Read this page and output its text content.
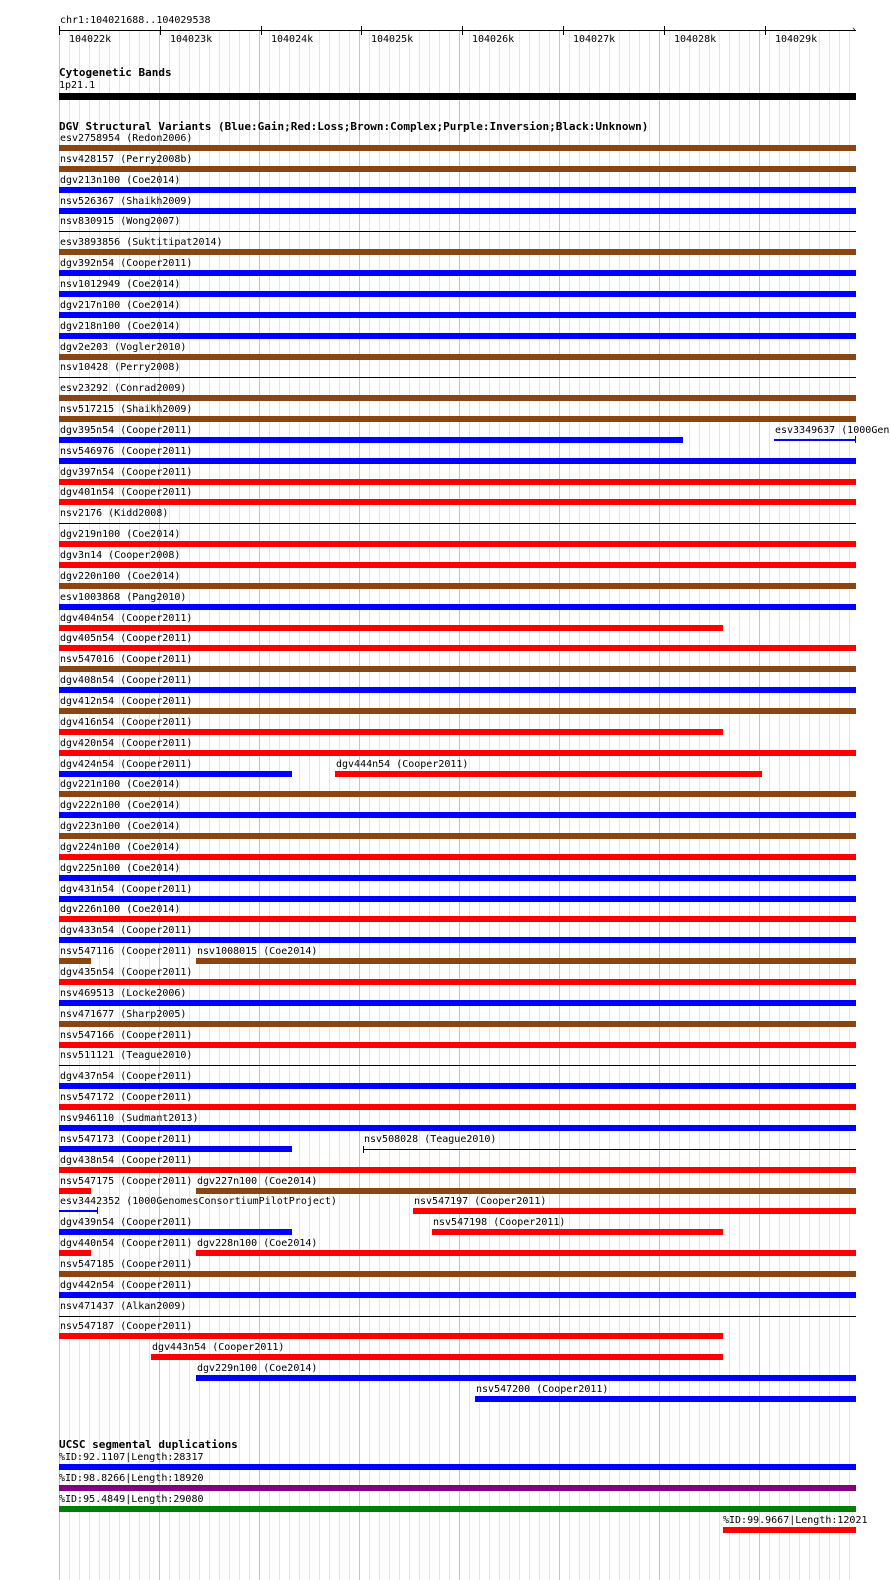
chr1:104021688..104029538
›
104022k	104023k	104024k	104025k	104026k	104027k	104028k	104029k
Cytogenetic Bands
1p21.1
DGV Structural Variants (Blue:Gain;Red:Loss;Brown:Complex;Purple:Inversion;Black:Unknown)
esv2758954 (Redon2006)
nsv428157 (Perry2008b)
dgv213n100 (Coe2014)
nsv526367 (Shaikh2009)
nsv830915 (Wong2007)
esv3893856 (Suktitipat2014)
dgv392n54 (Cooper2011)
nsv1012949 (Coe2014)
dgv217n100 (Coe2014)
dgv218n100 (Coe2014)
dgv2e203 (Vogler2010)
nsv10428 (Perry2008)
esv23292 (Conrad2009)
nsv517215 (Shaikh2009)
dgv395n54 (Cooper2011)	esv3349637 (1000Gen
nsv546976 (Cooper2011)
dgv397n54 (Cooper2011)
dgv401n54 (Cooper2011)
nsv2176 (Kidd2008)
dgv219n100 (Coe2014)
dgv3n14 (Cooper2008)
dgv220n100 (Coe2014)
esv1003868 (Pang2010)
dgv404n54 (Cooper2011)
dgv405n54 (Cooper2011)
nsv547016 (Cooper2011)
dgv408n54 (Cooper2011)
dgv412n54 (Cooper2011)
dgv416n54 (Cooper2011)
dgv420n54 (Cooper2011)
dgv424n54 (Cooper2011)	dgv444n54 (Cooper2011)
dgv221n100 (Coe2014)
dgv222n100 (Coe2014)
dgv223n100 (Coe2014)
dgv224n100 (Coe2014)
dgv225n100 (Coe2014)
dgv431n54 (Cooper2011)
dgv226n100 (Coe2014)
dgv433n54 (Cooper2011)
nsv547116 (Cooper2011) nsv1008015 (Coe2014)
dgv435n54 (Cooper2011)
nsv469513 (Locke2006)
nsv471677 (Sharp2005)
nsv547166 (Cooper2011)
nsv511121 (Teague2010)
dgv437n54 (Cooper2011)
nsv547172 (Cooper2011)
nsv946110 (Sudmant2013)
nsv547173 (Cooper2011)	nsv508028 (Teague2010)
dgv438n54 (Cooper2011)
nsv547175 (Cooper2011) dgv227n100 (Coe2014)
esv3442352 (1000GenomesConsortiumPilotProject)	nsv547197 (Cooper2011)
dgv439n54 (Cooper2011)	nsv547198 (Cooper2011)
dgv440n54 (Cooper2011) dgv228n100 (Coe2014)
nsv547185 (Cooper2011)
dgv442n54 (Cooper2011)
nsv471437 (Alkan2009)
nsv547187 (Cooper2011)
dgv443n54 (Cooper2011)
dgv229n100 (Coe2014)
nsv547200 (Cooper2011)
UCSC segmental duplications
%ID:92.1107|Length:28317
%ID:98.8266|Length:18920
%ID:95.4849|Length:29080
%ID:99.9667|Length:12021
